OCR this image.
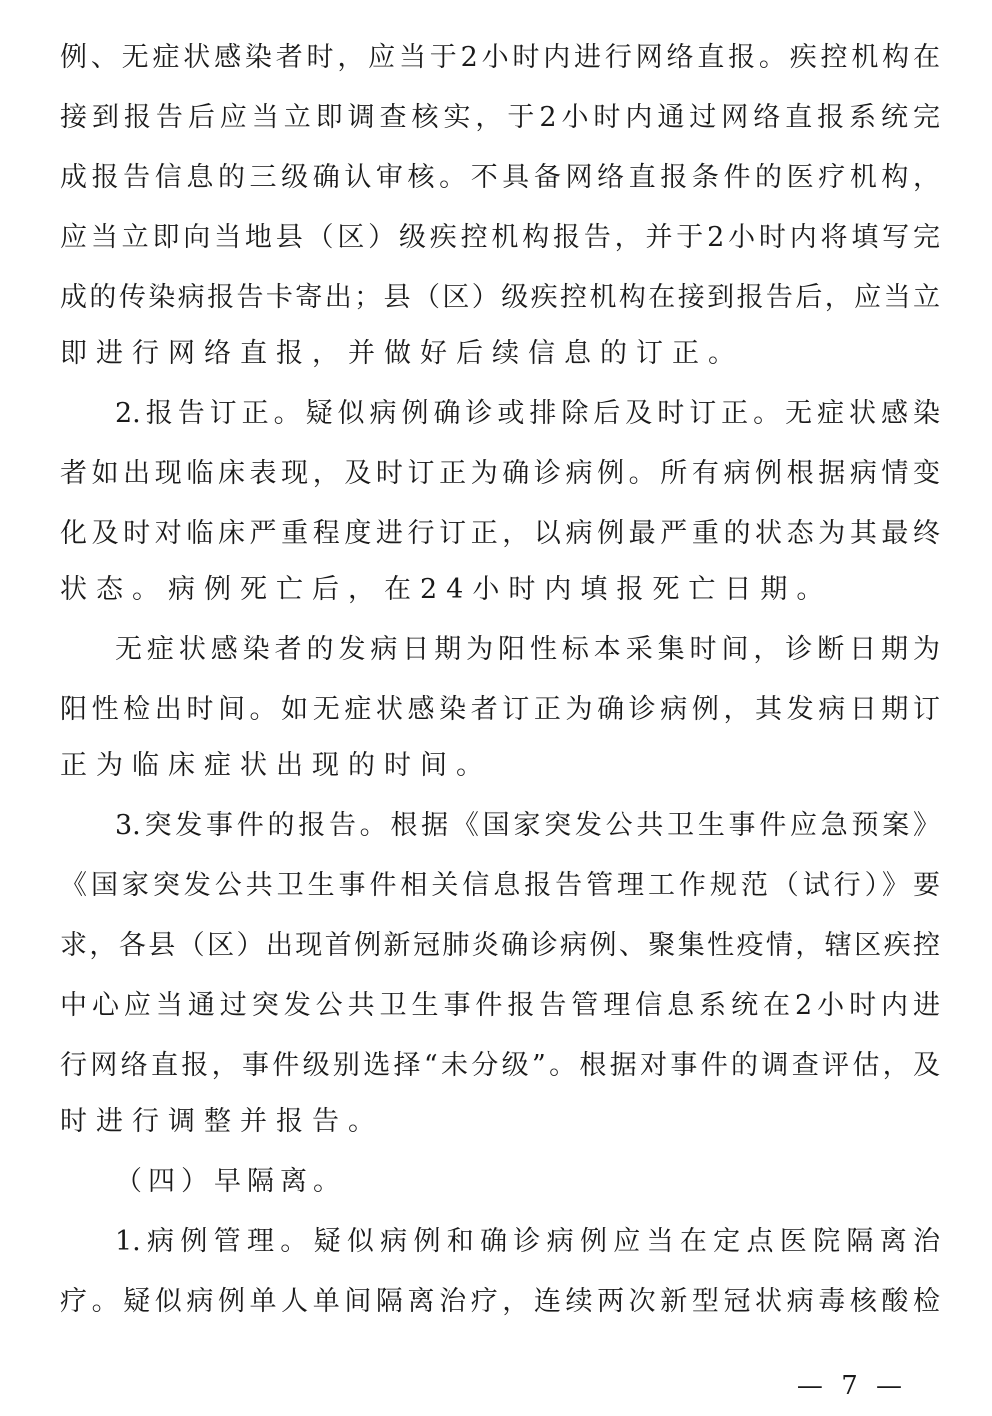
例、无症状感染者时，应当于2小时内进行网络直报。疾控机构在
接到报告后应当立即调查核实，于2小时内通过网络直报系统完
成报告信息的三级确认审核。不具备网络直报条件的医疗机构，
应当立即向当地县（区）级疾控机构报告，并于2小时内将填写完
成的传染病报告卡寄出；县（区）级疾控机构在接到报告后，应当立
即进行网络直报，并做好后续信息的订正。
2.报告订正。疑似病例确诊或排除后及时订正。无症状感染
者如出现临床表现，及时订正为确诊病例。所有病例根据病情变
化及时对临床严重程度进行订正，以病例最严重的状态为其最终
状态。病例死亡后，在24小时内填报死亡日期。
无症状感染者的发病日期为阳性标本采集时间，诊断日期为
阳性检出时间。如无症状感染者订正为确诊病例，其发病日期订
正为临床症状出现的时间。
3.突发事件的报告。根据《国家突发公共卫生事件应急预案》
《国家突发公共卫生事件相关信息报告管理工作规范（试行）》要
求，各县（区）出现首例新冠肺炎确诊病例、聚集性疫情，辖区疾控
中心应当通过突发公共卫生事件报告管理信息系统在2小时内进
行网络直报，事件级别选择“未分级”。根据对事件的调查评估，及
时进行调整并报告。
（四）早隔离。
1.病例管理。疑似病例和确诊病例应当在定点医院隔离治
疗。疑似病例单人单间隔离治疗，连续两次新型冠状病毒核酸检
— 7 —
